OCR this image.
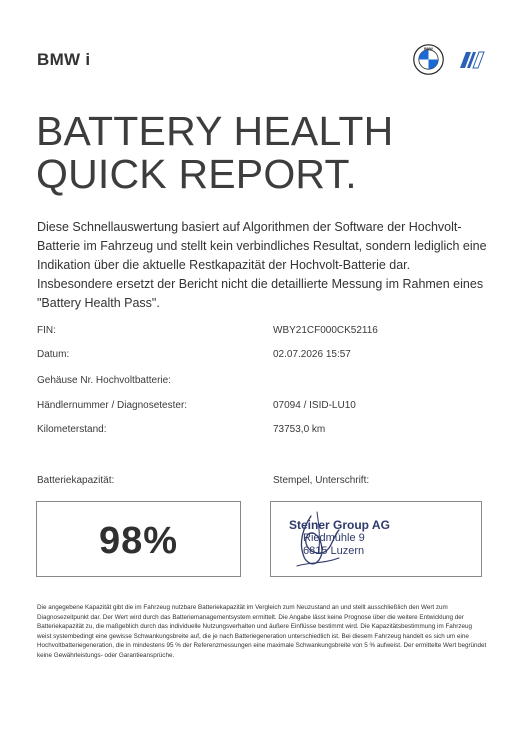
BMW i
BMW
BATTERY HEALTH
QUICK REPORT.

Diese Schnellauswertung basiert auf Algorithmen der Software der Hochvolt-Batterie im Fahrzeug und stellt kein verbindliches Resultat, sondern lediglich eine Indikation über die aktuelle Restkapazität der Hochvolt-Batterie dar. Insbesondere ersetzt der Bericht nicht die detaillierte Messung im Rahmen eines "Battery Health Pass".

FIN:	WBY21CF000CK52116
Datum:	02.07.2026 15:57
Gehäuse Nr. Hochvoltbatterie:
Händlernummer / Diagnosetester:	07094 / ISID-LU10
Kilometerstand:	73753,0 km
Batteriekapazität:	Stempel, Unterschrift:
98%	Steiner Group AG
Riedmühle 9
6815 Luzern

Die angegebene Kapazität gibt die im Fahrzeug nutzbare Batteriekapazität im Vergleich zum Neuzustand an und stellt ausschließlich den Wert zum Diagnosezeitpunkt dar. Der Wert wird durch das Batteriemanagementsystem ermittelt. Die Angabe lässt keine Prognose über die weitere Entwicklung der Batteriekapazität zu, die maßgeblich durch das individuelle Nutzungsverhalten und äußere Einflüsse bestimmt wird. Die Kapazitätsbestimmung im Fahrzeug weist systembedingt eine gewisse Schwankungsbreite auf, die je nach Batteriegeneration unterschiedlich ist. Bei diesem Fahrzeug handelt es sich um eine Hochvoltbatteriegeneration, die in mindestens 95 % der Referenzmessungen eine maximale Schwankungsbreite von 5 % aufweist. Der ermittelte Wert begründet keine Gewährleistungs- oder Garantieansprüche.
